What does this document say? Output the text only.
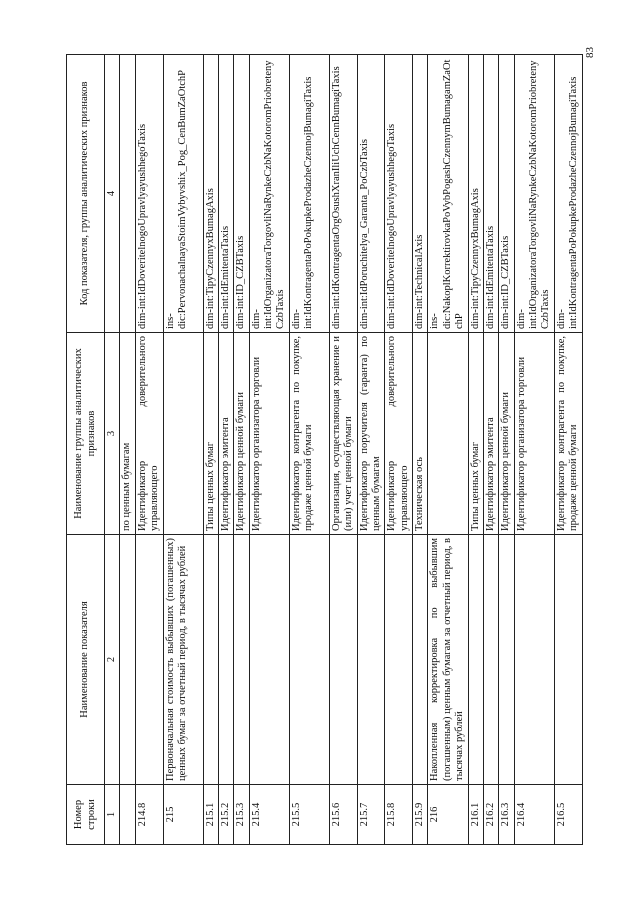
83
Номер строки	Наименование показателя	Наименование группы аналитических признаков	Код показателя, группы аналитических признаков
1	2	3	4
		по ценным бумагам	
214.8		Идентификатор доверительного управляющего	dim-int:IdDoveritelnogoUpravlyayushhegoTaxis
215	Первоначальная стоимость выбывших (погашенных) ценных бумаг за отчетный период, в тысячах рублей		ins-dic:PervonachalnayaStoimVybyvshix_Pog_CenBumZaOtchP
215.1		Типы ценных бумаг	dim-int:TipyCzennyxBumagAxis
215.2		Идентификатор эмитента	dim-int:IdEmitentaTaxis
215.3		Идентификатор ценной бумаги	dim-int:ID_CZBTaxis
215.4		Идентификатор организатора торговли	dim-int:IdOrganizatoraTorgovliNaRynkeCzbNaKotoromPriobretenyCzbTaxis
215.5		Идентификатор контрагента по покупке, продаже ценной бумаги	dim-int:IdKontragentaPoPokupkeProdazheCzennojBumagiTaxis
215.6		Организация, осуществляющая хранение и (или) учет ценной бумаги	dim-int:IdKontragentaOrgOsushXranIliUchCennBumagiTaxis
215.7		Идентификатор поручителя (гаранта) по ценным бумагам	dim-int:IdPoruchitelya_Garanta_PoCzbTaxis
215.8		Идентификатор доверительного управляющего	dim-int:IdDoveritelnogoUpravlyayushhegoTaxis
215.9		Техническая ось	dim-int:TechnicalAxis
216	Накопленная корректировка по выбывшим (погашенным) ценным бумагам за отчетный период, в тысячах рублей		ins-dic:NakoplKorrektirovkaPoVybPogashCzennymBumagamZaOtchP
216.1		Типы ценных бумаг	dim-int:TipyCzennyxBumagAxis
216.2		Идентификатор эмитента	dim-int:IdEmitentaTaxis
216.3		Идентификатор ценной бумаги	dim-int:ID_CZBTaxis
216.4		Идентификатор организатора торговли	dim-int:IdOrganizatoraTorgovliNaRynkeCzbNaKotoromPriobretenyCzbTaxis
216.5		Идентификатор контрагента по покупке, продаже ценной бумаги	dim-int:IdKontragentaPoPokupkeProdazheCzennojBumagiTaxis
